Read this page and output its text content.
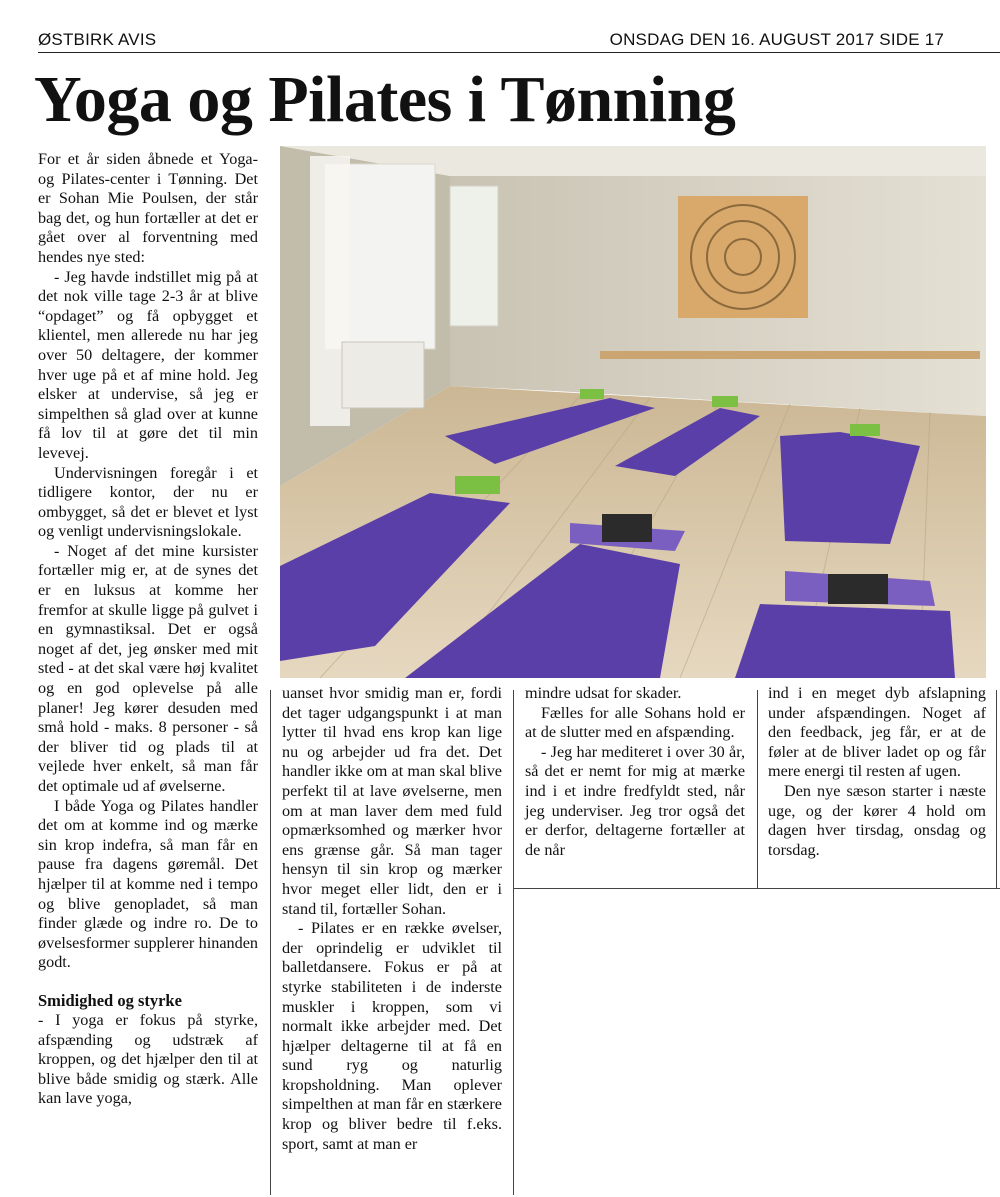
ØSTBIRK AVIS	ONSDAG DEN 16. AUGUST 2017 SIDE 17
Yoga og Pilates i Tønning

For et år siden åbnede et Yoga- og Pilates-center i Tønning. Det er Sohan Mie Poulsen, der står bag det, og hun fortæller at det er gået over al forventning med hendes nye sted:

- Jeg havde indstillet mig på at det nok ville tage 2-3 år at blive “opdaget” og få opbygget et klientel, men allerede nu har jeg over 50 deltagere, der kommer hver uge på et af mine hold. Jeg elsker at undervise, så jeg er simpelthen så glad over at kunne få lov til at gøre det til min levevej.

Undervisningen foregår i et tidligere kontor, der nu er ombygget, så det er blevet et lyst og venligt undervisningslokale.

- Noget af det mine kursister fortæller mig er, at de synes det er en luksus at komme her fremfor at skulle ligge på gulvet i en gymnastiksal. Det er også noget af det, jeg ønsker med mit sted - at det skal være høj kvalitet og en god oplevelse på alle planer! Jeg kører desuden med små hold - maks. 8 personer - så der bliver tid og plads til at vejlede hver enkelt, så man får det optimale ud af øvelserne.

I både Yoga og Pilates handler det om at komme ind og mærke sin krop indefra, så man får en pause fra dagens gøremål. Det hjælper til at komme ned i tempo og blive genopladet, så man finder glæde og indre ro. De to øvelsesformer supplerer hinanden godt.

Smidighed og styrke

- I yoga er fokus på styrke, afspænding og udstræk af kroppen, og det hjælper den til at blive både smidig og stærk. Alle kan lave yoga,

uanset hvor smidig man er, fordi det tager udgangspunkt i at man lytter til hvad ens krop kan lige nu og arbejder ud fra det. Det handler ikke om at man skal blive perfekt til at lave øvelserne, men om at man laver dem med fuld opmærksomhed og mærker hvor ens grænse går. Så man tager hensyn til sin krop og mærker hvor meget eller lidt, den er i stand til, fortæller Sohan.

- Pilates er en række øvelser, der oprindelig er udviklet til balletdansere. Fokus er på at styrke stabiliteten i de inderste muskler i kroppen, som vi normalt ikke arbejder med. Det hjælper deltagerne til at få en sund ryg og naturlig kropsholdning. Man oplever simpelthen at man får en stærkere krop og bliver bedre til f.eks. sport, samt at man er

mindre udsat for skader.

Fælles for alle Sohans hold er at de slutter med en afspænding.

- Jeg har mediteret i over 30 år, så det er nemt for mig at mærke ind i et indre fredfyldt sted, når jeg underviser. Jeg tror også det er derfor, deltagerne fortæller at de når

ind i en meget dyb afslapning under afspændingen. Noget af den feedback, jeg får, er at de føler at de bliver ladet op og får mere energi til resten af ugen.

Den nye sæson starter i næste uge, og der kører 4 hold om dagen hver tirsdag, onsdag og torsdag.
